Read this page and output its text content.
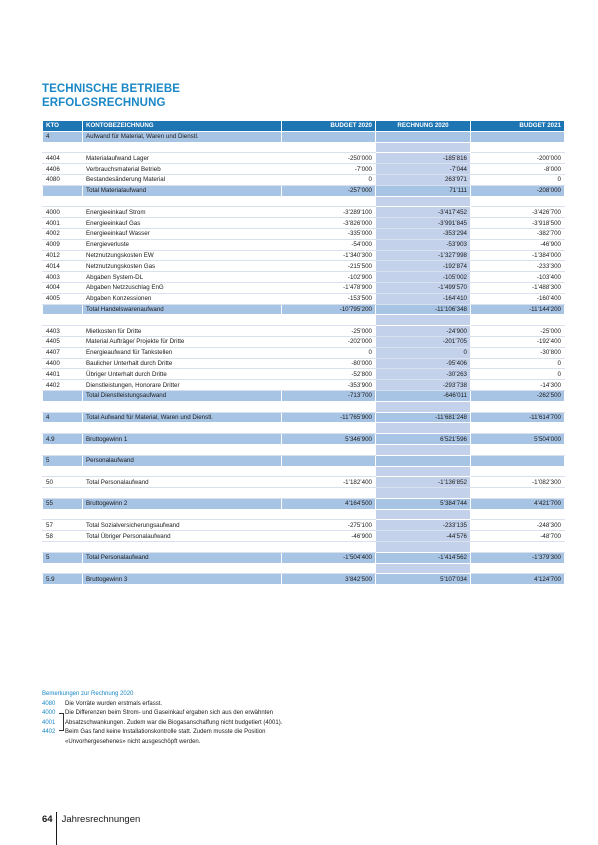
TECHNISCHE BETRIEBE
ERFOLGSRECHNUNG
KTO	KONTOBEZEICHNUNG	BUDGET 2020	RECHNUNG 2020	BUDGET 2021
4	Aufwand für Material, Waren und Dienstl.			

4404	Materialaufwand Lager	-250’000	-185’816	-200’000
4406	Verbrauchsmaterial Betrieb	-7’000	-7’044	-8’000
4080	Bestandesänderung Material	0	263’971	0
	Total Materialaufwand	-257’000	71’111	-208’000

4000	Energieeinkauf Strom	-3’289’100	-3’417’452	-3’426’700
4001	Energieeinkauf Gas	-3’826’000	-3’991’845	-3’918’500
4002	Energieeinkauf Wasser	-335’000	-353’294	-382’700
4009	Energieverluste	-54’000	-53’903	-46’900
4012	Netznutzungskosten EW	-1’340’300	-1’327’998	-1’384’000
4014	Netznutzungskosten Gas	-215’500	-192’874	-233’300
4003	Abgaben System-DL	-102’900	-105’002	-103’400
4004	Abgaben Netzzuschlag EnG	-1’478’900	-1’499’570	-1’488’300
4005	Abgaben Konzessionen	-153’500	-164’410	-160’400
	Total Handelswarenaufwand	-10’795’200	-11’106’348	-11’144’200

4403	Mietkosten für Dritte	-25’000	-24’900	-25’000
4405	Material Aufträge/ Projekte für Dritte	-202’000	-201’705	-192’400
4407	Energieaufwand für Tankstellen	0	0	-30’800
4400	Baulicher Unterhalt durch Dritte	-80’000	-95’406	0
4401	Übriger Unterhalt durch Dritte	-52’800	-30’263	0
4402	Dienstleistungen, Honorare Dritter	-353’900	-293’738	-14’300
	Total Dienstleistungsaufwand	-713’700	-646’011	-262’500

4	Total Aufwand für Material, Waren und Dienstl.	-11’765’900	-11’681’248	-11’614’700

4.9	Bruttogewinn 1	5’346’900	6’521’596	5’504’000

5	Personalaufwand			

50	Total Personalaufwand	-1’182’400	-1’136’852	-1’082’300

55	Bruttogewinn 2	4’164’500	5’384’744	4’421’700

57	Total Sozialversicherungsaufwand	-275’100	-233’135	-248’300
58	Total Übriger Personalaufwand	-46’900	-44’576	-48’700

5	Total Personalaufwand	-1’504’400	-1’414’562	-1’379’300

5.9	Bruttogewinn 3	3’842’500	5’107’034	4’124’700
Bemerkungen zur Rechnung 2020
4080	Die Vorräte wurden erstmals erfasst.
4000	Die Differenzen beim Strom- und Gaseinkauf ergaben sich aus den erwähnten
4001	Absatzschwankungen. Zudem war die Biogasanschaffung nicht budgetiert (4001).
4402	Beim Gas fand keine Installationskontrolle statt. Zudem musste die Position
«Unvorhergesehenes» nicht ausgeschöpft werden.
64 Jahresrechnungen
